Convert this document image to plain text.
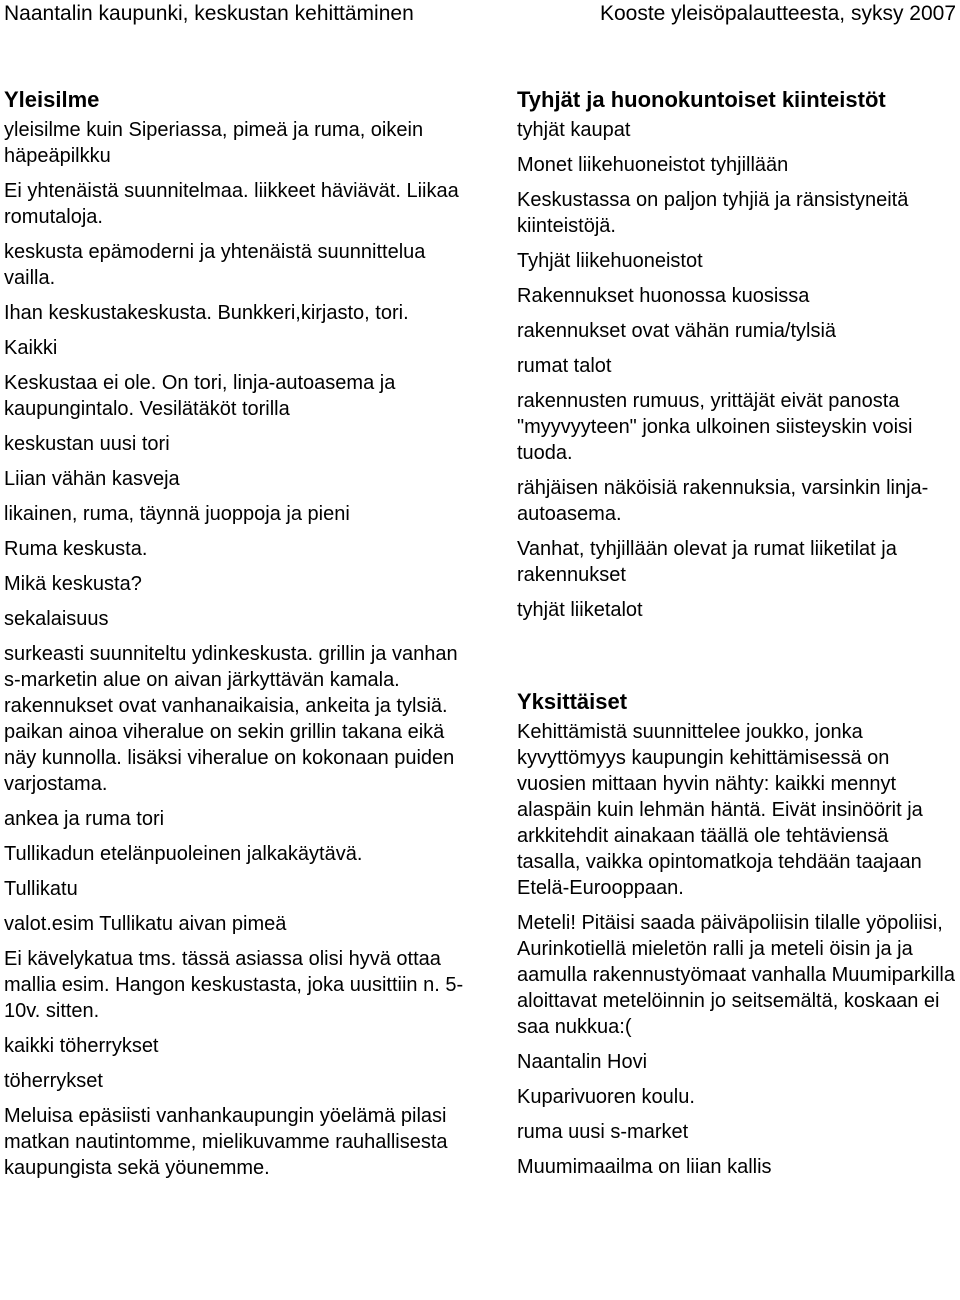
Naantalin kaupunki, keskustan kehittäminen	Kooste yleisöpalautteesta, syksy 2007
Yleisilme
yleisilme kuin Siperiassa, pimeä ja ruma, oikein häpeäpilkku
Ei yhtenäistä suunnitelmaa. liikkeet häviävät. Liikaa romutaloja.
keskusta epämoderni ja yhtenäistä suunnittelua vailla.
Ihan keskustakeskusta. Bunkkeri,kirjasto, tori.
Kaikki
Keskustaa ei ole. On tori, linja-autoasema ja kaupungintalo. Vesilätäköt torilla
keskustan uusi tori
Liian vähän kasveja
likainen, ruma, täynnä juoppoja ja pieni
Ruma keskusta.
Mikä keskusta?
sekalaisuus
surkeasti suunniteltu ydinkeskusta. grillin ja vanhan s-marketin alue on aivan järkyttävän kamala. rakennukset ovat vanhanaikaisia, ankeita ja tylsiä. paikan ainoa viheralue on sekin grillin takana eikä näy kunnolla. lisäksi viheralue on kokonaan puiden varjostama.
ankea ja ruma tori
Tullikadun etelänpuoleinen jalkakäytävä.
Tullikatu
valot.esim Tullikatu aivan pimeä
Ei kävelykatua tms. tässä asiassa olisi hyvä ottaa mallia esim. Hangon keskustasta, joka uusittiin n. 5-10v. sitten.
kaikki töherrykset
töherrykset
Meluisa epäsiisti vanhankaupungin yöelämä pilasi matkan nautintomme, mielikuvamme rauhallisesta kaupungista sekä yöunemme.
Tyhjät ja huonokuntoiset kiinteistöt
tyhjät kaupat
Monet liikehuoneistot tyhjillään
Keskustassa on paljon tyhjiä ja ränsistyneitä kiinteistöjä.
Tyhjät liikehuoneistot
Rakennukset huonossa kuosissa
rakennukset ovat vähän rumia/tylsiä
rumat talot
rakennusten rumuus, yrittäjät eivät panosta "myyvyyteen" jonka ulkoinen siisteyskin voisi tuoda.
rähjäisen näköisiä rakennuksia, varsinkin linja-autoasema.
Vanhat, tyhjillään olevat ja rumat liiketilat ja rakennukset
tyhjät liiketalot
Yksittäiset
Kehittämistä suunnittelee joukko, jonka kyvyttömyys kaupungin kehittämisessä on vuosien mittaan hyvin nähty: kaikki mennyt alaspäin kuin lehmän häntä. Eivät insinöörit ja arkkitehdit ainakaan täällä ole tehtäviensä tasalla, vaikka opintomatkoja tehdään taajaan Etelä-Eurooppaan.
Meteli! Pitäisi saada päiväpoliisin tilalle yöpoliisi, Aurinkotiellä mieletön ralli ja meteli öisin ja ja aamulla rakennustyömaat vanhalla Muumiparkilla aloittavat metelöinnin jo seitsemältä, koskaan ei saa nukkua:(
Naantalin Hovi
Kuparivuoren koulu.
ruma uusi s-market
Muumimaailma on liian kallis
